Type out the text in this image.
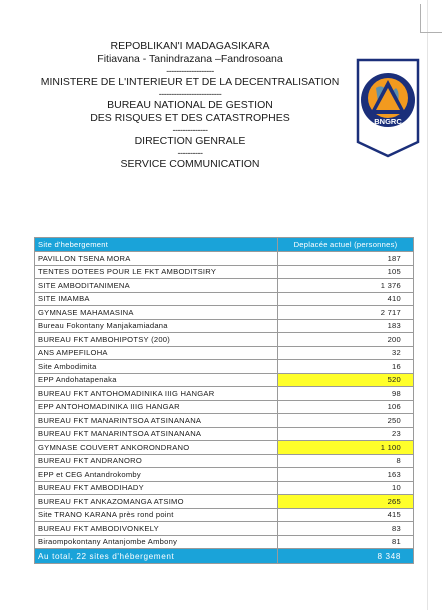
REPOBLIKAN'I MADAGASIKARA
Fitiavana - Tanindrazana –Fandrosoana
-------------------
MINISTERE DE L'INTERIEUR ET DE LA DECENTRALISATION
-------------------------
BUREAU NATIONAL DE GESTION
DES RISQUES ET DES CATASTROPHES
--------------
DIRECTION GENRALE
----------
SERVICE COMMUNICATION
BNGRC
Site d'hebergement	Deplacée actuel (personnes)
PAVILLON TSENA MORA	187
TENTES DOTEES POUR LE FKT AMBODITSIRY	105
SITE AMBODITANIMENA	1 376
SITE IMAMBA	410
GYMNASE MAHAMASINA	2 717
Bureau Fokontany Manjakamiadana	183
BUREAU FKT AMBOHIPOTSY (200)	200
ANS AMPEFILOHA	32
Site Ambodimita	16
EPP Andohatapenaka	520
BUREAU FKT ANTOHOMADINIKA IIIG HANGAR	98
EPP ANTOHOMADINIKA IIIG HANGAR	106
BUREAU FKT MANARINTSOA ATSINANANA	250
BUREAU FKT MANARINTSOA ATSINANANA	23
GYMNASE COUVERT ANKORONDRANO	1 100
BUREAU FKT ANDRANORO	8
EPP et CEG Antandrokomby	163
BUREAU FKT AMBODIHADY	10
BUREAU FKT ANKAZOMANGA ATSIMO	265
Site TRANO KARANA près rond point	415
BUREAU FKT AMBODIVONKELY	83
Biraompokontany Antanjombe Ambony	81
Au total, 22 sites d'hébergement	8 348
